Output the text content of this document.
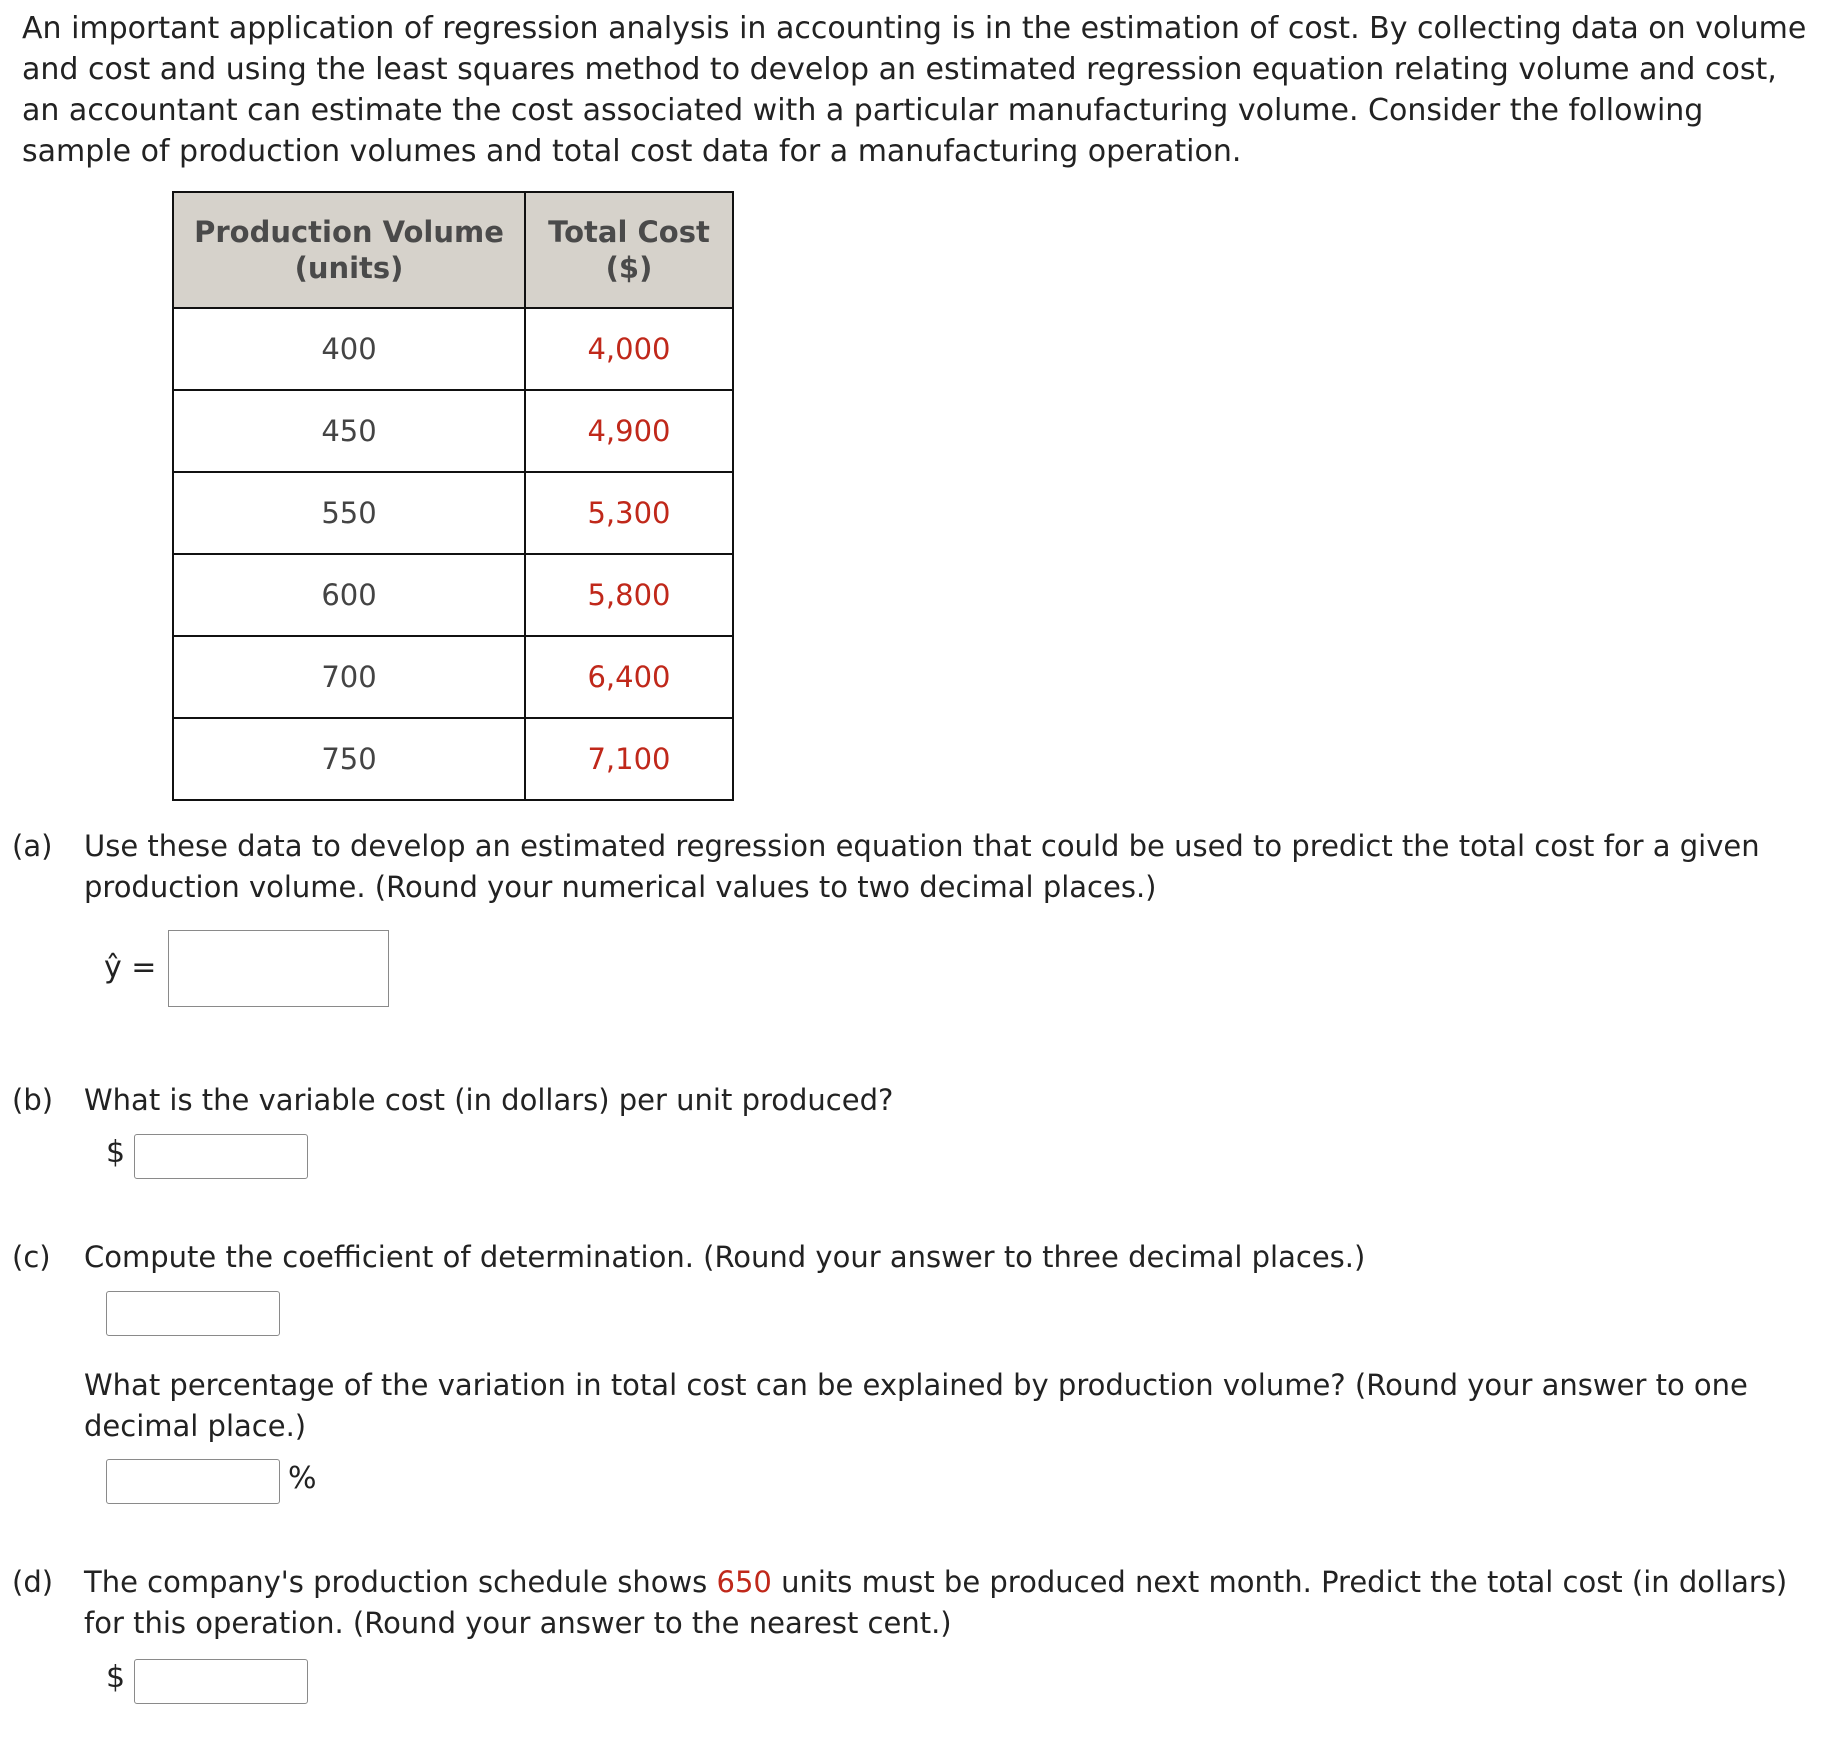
An important application of regression analysis in accounting is in the estimation of cost. By collecting data on volume and cost and using the least squares method to develop an estimated regression equation relating volume and cost, an accountant can estimate the cost associated with a particular manufacturing volume. Consider the following sample of production volumes and total cost data for a manufacturing operation.

Production Volume
(units)	Total Cost
($)
400	4,000
450	4,900
550	5,300
600	5,800
700	6,400
750	7,100
(a) Use these data to develop an estimated regression equation that could be used to predict the total cost for a given production volume. (Round your numerical values to two decimal places.)
ŷ =
(b) What is the variable cost (in dollars) per unit produced?
$
(c) Compute the coefficient of determination. (Round your answer to three decimal places.)
What percentage of the variation in total cost can be explained by production volume? (Round your answer to one decimal place.)
%
(d) The company's production schedule shows 650 units must be produced next month. Predict the total cost (in dollars) for this operation. (Round your answer to the nearest cent.)
$
